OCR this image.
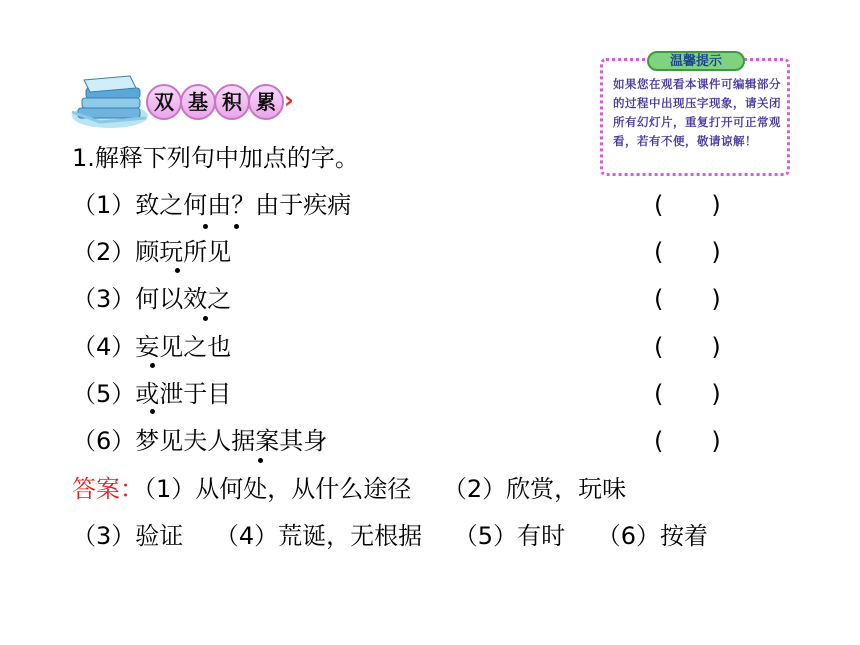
双 基 积 累 ›
温馨提示
如果您在观看本课件可编辑部分的过程中出现压字现象，请关闭所有幻灯片，重复打开可正常观看，若有不便，敬请谅解！
1.解释下列句中加点的字。
（1）致之何由？由于疾病	(　　)
（2）顾玩所见	(　　)
（3）何以效之	(　　)
（4）妄见之也	(　　)
（5）或泄于目	(　　)
（6）梦见夫人据案其身	(　　)
答案：（1）从何处，从什么途径　 （2）欣赏，玩味
（3）验证　 （4）荒诞，无根据　 （5）有时　 （6）按着
